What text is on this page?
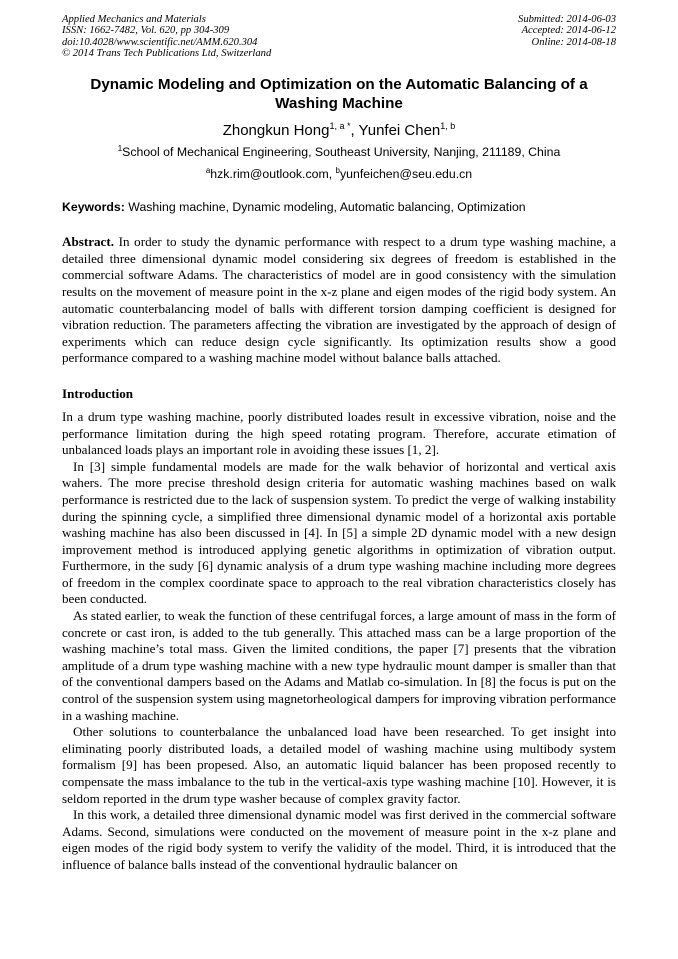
Applied Mechanics and Materials
ISSN: 1662-7482, Vol. 620, pp 304-309
doi:10.4028/www.scientific.net/AMM.620.304
© 2014 Trans Tech Publications Ltd, Switzerland
Submitted: 2014-06-03
Accepted: 2014-06-12
Online: 2014-08-18
Dynamic Modeling and Optimization on the Automatic Balancing of a Washing Machine
Zhongkun Hong$^{1, a *}$, Yunfei Chen$^{1, b}$
$^1$School of Mechanical Engineering, Southeast University, Nanjing, 211189, China
$^a$hzk.rim@outlook.com, $^b$yunfeichen@seu.edu.cn
Keywords: Washing machine, Dynamic modeling, Automatic balancing, Optimization
Abstract. In order to study the dynamic performance with respect to a drum type washing machine, a detailed three dimensional dynamic model considering six degrees of freedom is established in the commercial software Adams. The characteristics of model are in good consistency with the simulation results on the movement of measure point in the x-z plane and eigen modes of the rigid body system. An automatic counterbalancing model of balls with different torsion damping coefficient is designed for vibration reduction. The parameters affecting the vibration are investigated by the approach of design of experiments which can reduce design cycle significantly. Its optimization results show a good performance compared to a washing machine model without balance balls attached.
Introduction

In a drum type washing machine, poorly distributed loades result in excessive vibration, noise and the performance limitation during the high speed rotating program. Therefore, accurate etimation of unbalanced loads plays an important role in avoiding these issues [1, 2].

In [3] simple fundamental models are made for the walk behavior of horizontal and vertical axis wahers. The more precise threshold design criteria for automatic washing machines based on walk performance is restricted due to the lack of suspension system. To predict the verge of walking instability during the spinning cycle, a simplified three dimensional dynamic model of a horizontal axis portable washing machine has also been discussed in [4]. In [5] a simple 2D dynamic model with a new design improvement method is introduced applying genetic algorithms in optimization of vibration output. Furthermore, in the sudy [6] dynamic analysis of a drum type washing machine including more degrees of freedom in the complex coordinate space to approach to the real vibration characteristics closely has been conducted.

As stated earlier, to weak the function of these centrifugal forces, a large amount of mass in the form of concrete or cast iron, is added to the tub generally. This attached mass can be a large proportion of the washing machine’s total mass. Given the limited conditions, the paper [7] presents that the vibration amplitude of a drum type washing machine with a new type hydraulic mount damper is smaller than that of the conventional dampers based on the Adams and Matlab co-simulation. In [8] the focus is put on the control of the suspension system using magnetorheological dampers for improving vibration performance in a washing machine.

Other solutions to counterbalance the unbalanced load have been researched. To get insight into eliminating poorly distributed loads, a detailed model of washing machine using multibody system formalism [9] has been propesed. Also, an automatic liquid balancer has been proposed recently to compensate the mass imbalance to the tub in the vertical-axis type washing machine [10]. However, it is seldom reported in the drum type washer because of complex gravity factor.

In this work, a detailed three dimensional dynamic model was first derived in the commercial software Adams. Second, simulations were conducted on the movement of measure point in the x-z plane and eigen modes of the rigid body system to verify the validity of the model. Third, it is introduced that the influence of balance balls instead of the conventional hydraulic balancer on
